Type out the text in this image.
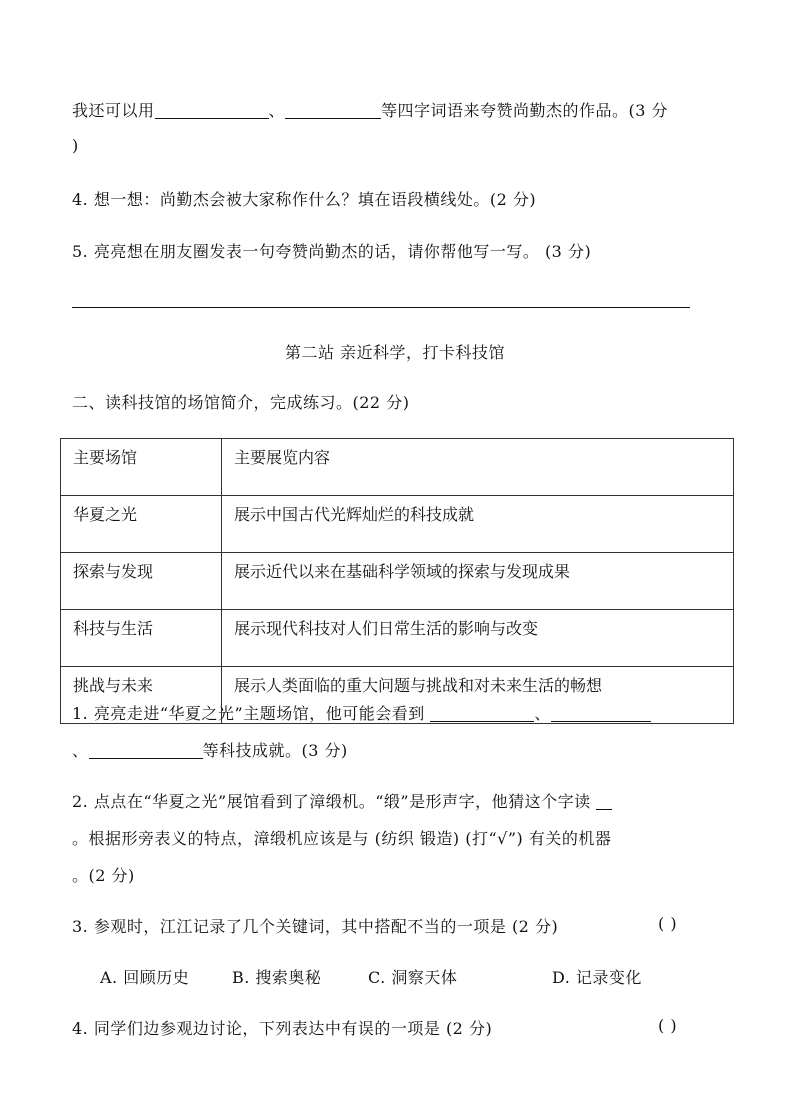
我还可以用	、	等四字词语来夸赞尚勤杰的作品。(3 分
)
4. 想一想：尚勤杰会被大家称作什么？填在语段横线处。(2 分)
5. 亮亮想在朋友圈发表一句夸赞尚勤杰的话，请你帮他写一写。 (3 分)
第二站 亲近科学，打卡科技馆
二、读科技馆的场馆简介，完成练习。(22 分)
主要场馆	主要展览内容
华夏之光	展示中国古代光辉灿烂的科技成就
探索与发现	展示近代以来在基础科学领域的探索与发现成果
科技与生活	展示现代科技对人们日常生活的影响与改变
挑战与未来	展示人类面临的重大问题与挑战和对未来生活的畅想
1. 亮亮走进“华夏之光”主题场馆，他可能会看到	、
、	等科技成就。(3 分)
2. 点点在“华夏之光”展馆看到了漳缎机。“缎”是形声字，他猜这个字读
。根据形旁表义的特点，漳缎机应该是与 (纺织 锻造) (打“√”) 有关的机器
。(2 分)
3. 参观时，江江记录了几个关键词，其中搭配不当的一项是 (2 分)	( )
A. 回顾历史	B. 搜索奥秘	C. 洞察天体	D. 记录变化
4. 同学们边参观边讨论，下列表达中有误的一项是 (2 分)	( )
